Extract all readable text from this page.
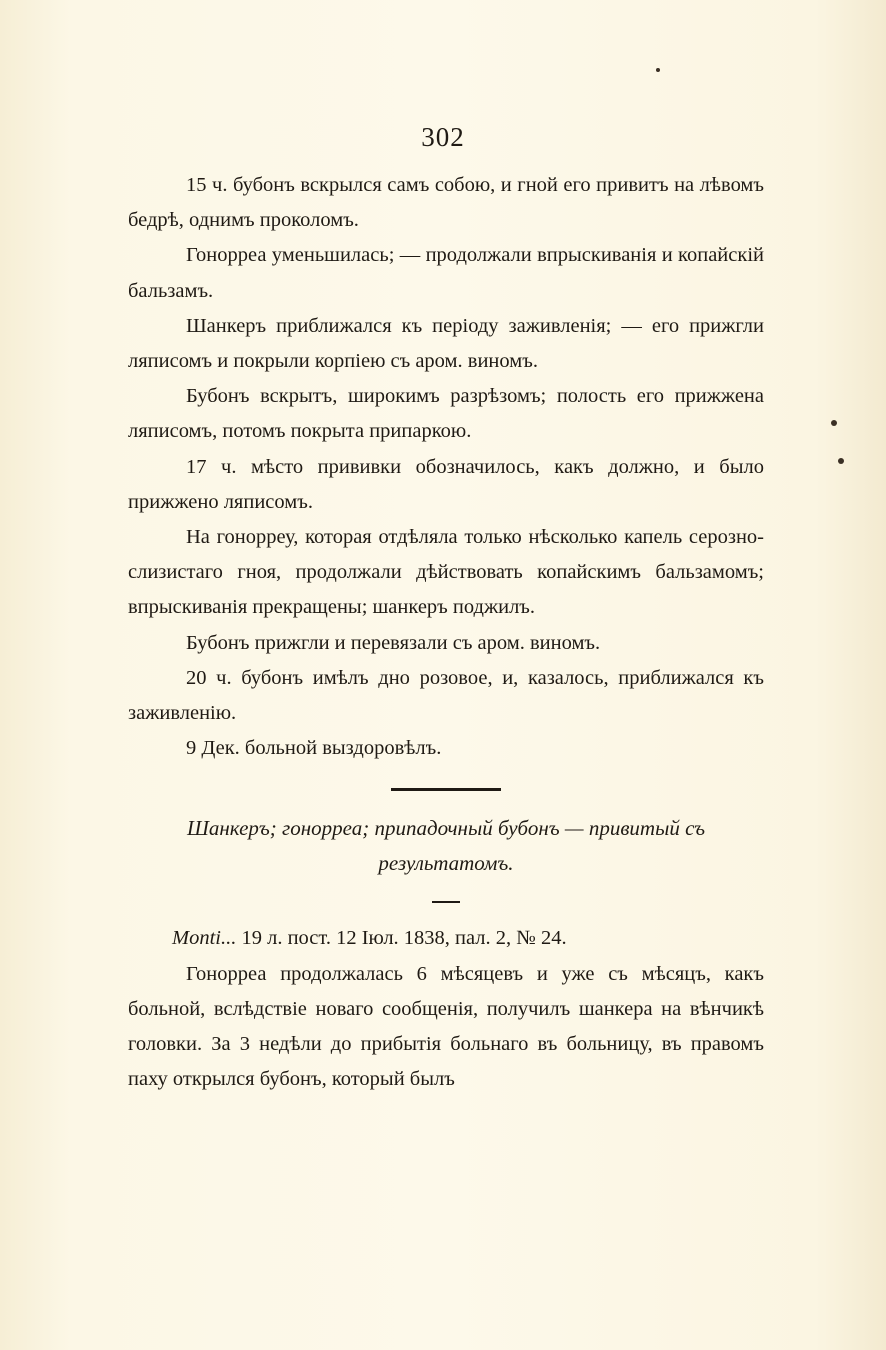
302

15 ч. бубонъ вскрылся самъ собою, и гной его привитъ на лѣвомъ бедрѣ, однимъ проколомъ.

Гонорреа уменьшилась; — продолжали впрыскиванія и копайскій бальзамъ.

Шанкеръ приближался къ періоду заживленія; — его прижгли ляписомъ и покрыли корпіею съ аром. виномъ.

Бубонъ вскрытъ, широкимъ разрѣзомъ; полость его прижжена ляписомъ, потомъ покрыта припаркою.

17 ч. мѣсто прививки обозначилось, какъ должно, и было прижжено ляписомъ.

На гонорреу, которая отдѣляла только нѣсколько капель серозно-слизистаго гноя, продолжали дѣйствовать копайскимъ бальзамомъ; впрыскиванія прекращены; шанкеръ поджилъ.

Бубонъ прижгли и перевязали съ аром. виномъ.

20 ч. бубонъ имѣлъ дно розовое, и, казалось, приближался къ заживленію.

9 Дек. больной выздоровѣлъ.

Шанкеръ; гонорреа; припадочный бубонъ — привитый съ результатомъ.

Monti... 19 л. пост. 12 Іюл. 1838, пал. 2, № 24.

Гонорреа продолжалась 6 мѣсяцевъ и уже съ мѣсяцъ, какъ больной, вслѣдствіе новаго сообщенія, получилъ шанкера на вѣнчикѣ головки. За 3 недѣли до прибытія больнаго въ больницу, въ правомъ паху открылся бубонъ, который былъ
